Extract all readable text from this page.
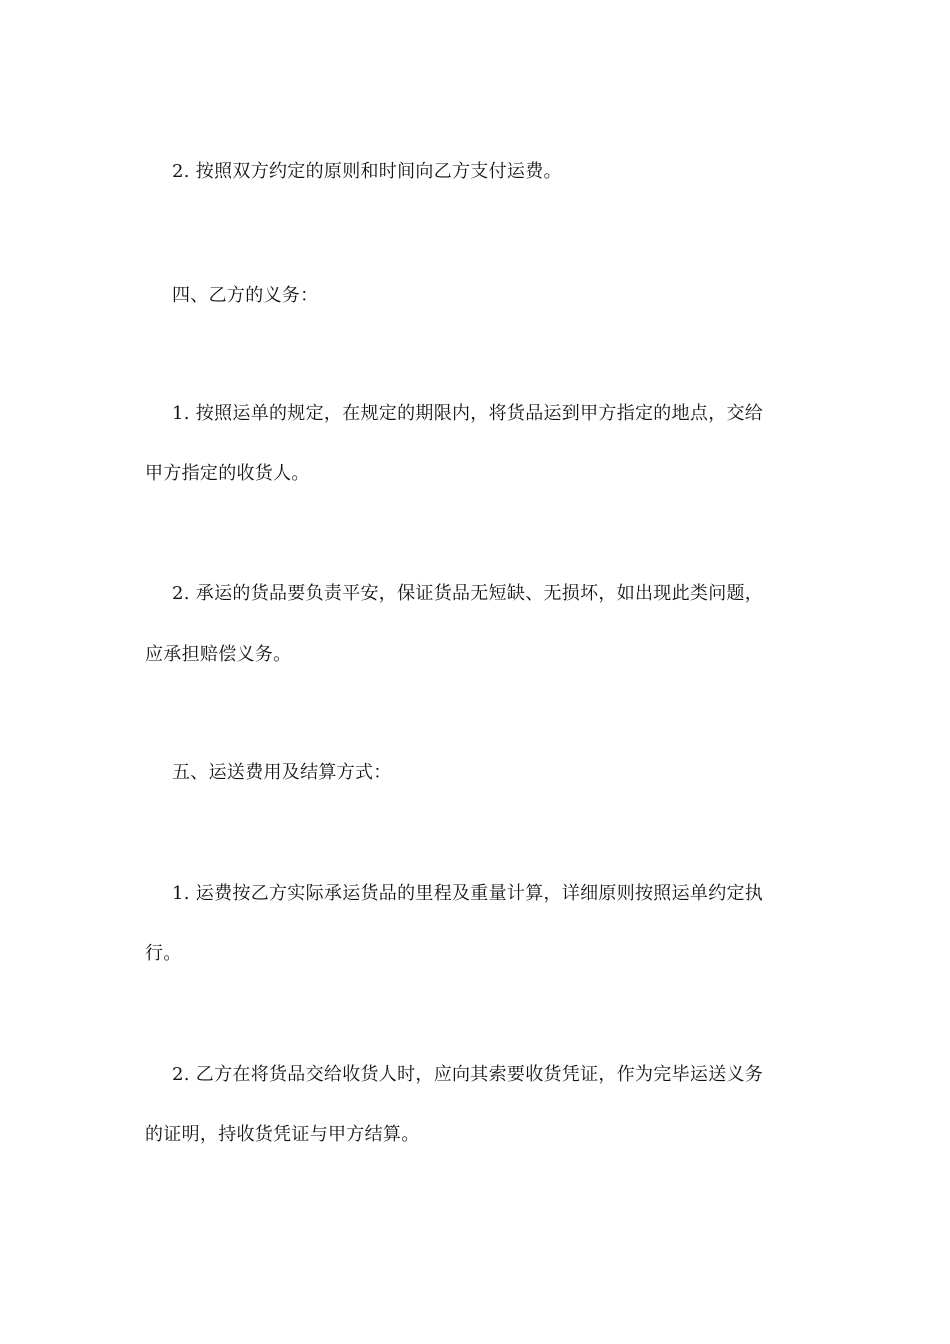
2. 按照双方约定的原则和时间向乙方支付运费。
四、乙方的义务：
1. 按照运单的规定，在规定的期限内，将货品运到甲方指定的地点，交给
甲方指定的收货人。
2. 承运的货品要负责平安，保证货品无短缺、无损坏，如出现此类问题，
应承担赔偿义务。
五、运送费用及结算方式：
1. 运费按乙方实际承运货品的里程及重量计算，详细原则按照运单约定执
行。
2. 乙方在将货品交给收货人时，应向其索要收货凭证，作为完毕运送义务
的证明，持收货凭证与甲方结算。
